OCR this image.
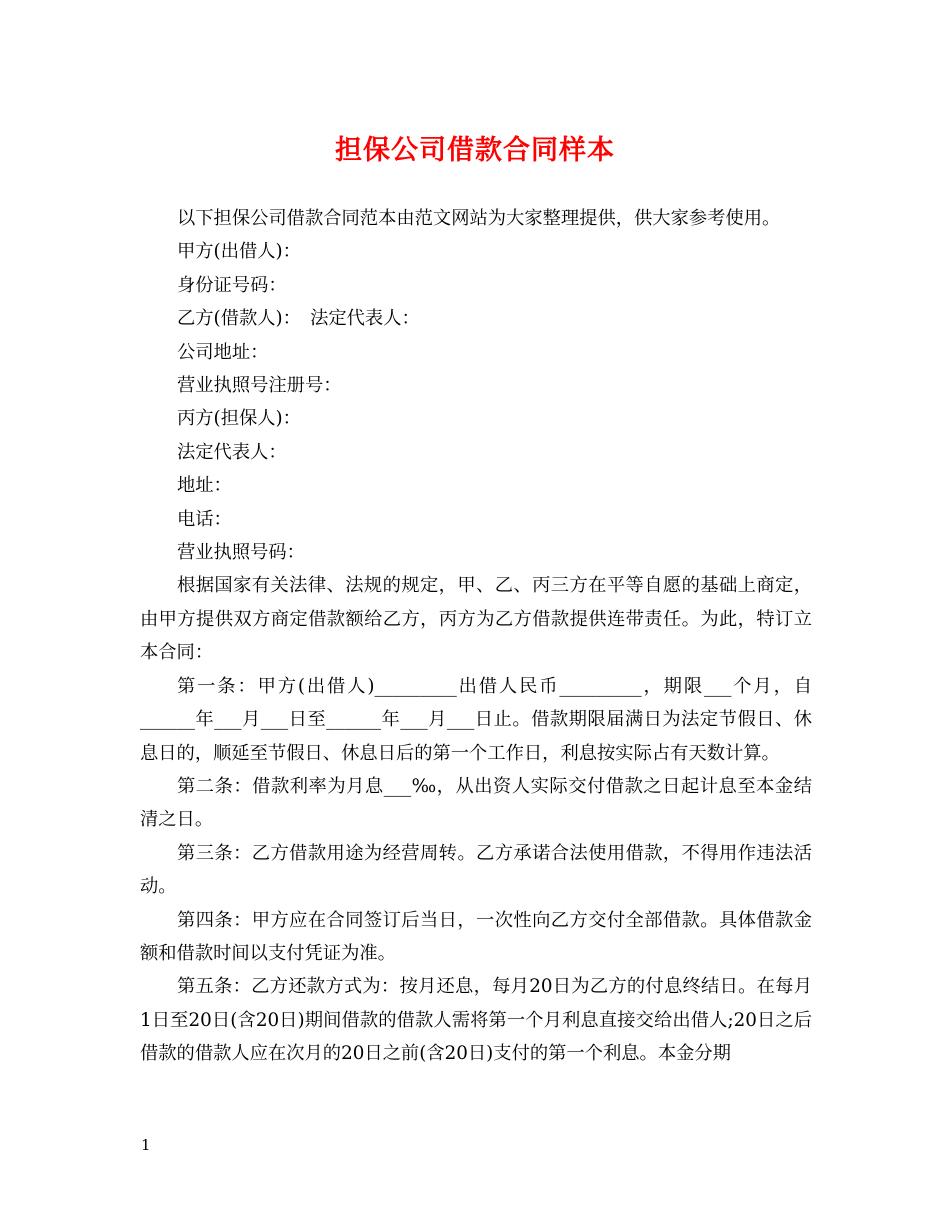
担保公司借款合同样本

以下担保公司借款合同范本由范文网站为大家整理提供，供大家参考使用。

甲方(出借人)：

身份证号码：

乙方(借款人)：　法定代表人：

公司地址：

营业执照号注册号：

丙方(担保人)：

法定代表人：

地址：

电话：

营业执照号码：

根据国家有关法律、法规的规定，甲、乙、丙三方在平等自愿的基础上商定，由甲方提供双方商定借款额给乙方，丙方为乙方借款提供连带责任。为此，特订立本合同：

第一条：甲方(出借人)_________出借人民币_________，期限___个月，自______年___月___日至______年___月___日止。借款期限届满日为法定节假日、休息日的，顺延至节假日、休息日后的第一个工作日，利息按实际占有天数计算。

第二条：借款利率为月息___‰，从出资人实际交付借款之日起计息至本金结清之日。

第三条：乙方借款用途为经营周转。乙方承诺合法使用借款，不得用作违法活动。

第四条：甲方应在合同签订后当日，一次性向乙方交付全部借款。具体借款金额和借款时间以支付凭证为准。

第五条：乙方还款方式为：按月还息，每月20日为乙方的付息终结日。在每月1日至20日(含20日)期间借款的借款人需将第一个月利息直接交给出借人;20日之后借款的借款人应在次月的20日之前(含20日)支付的第一个利息。本金分期

1
